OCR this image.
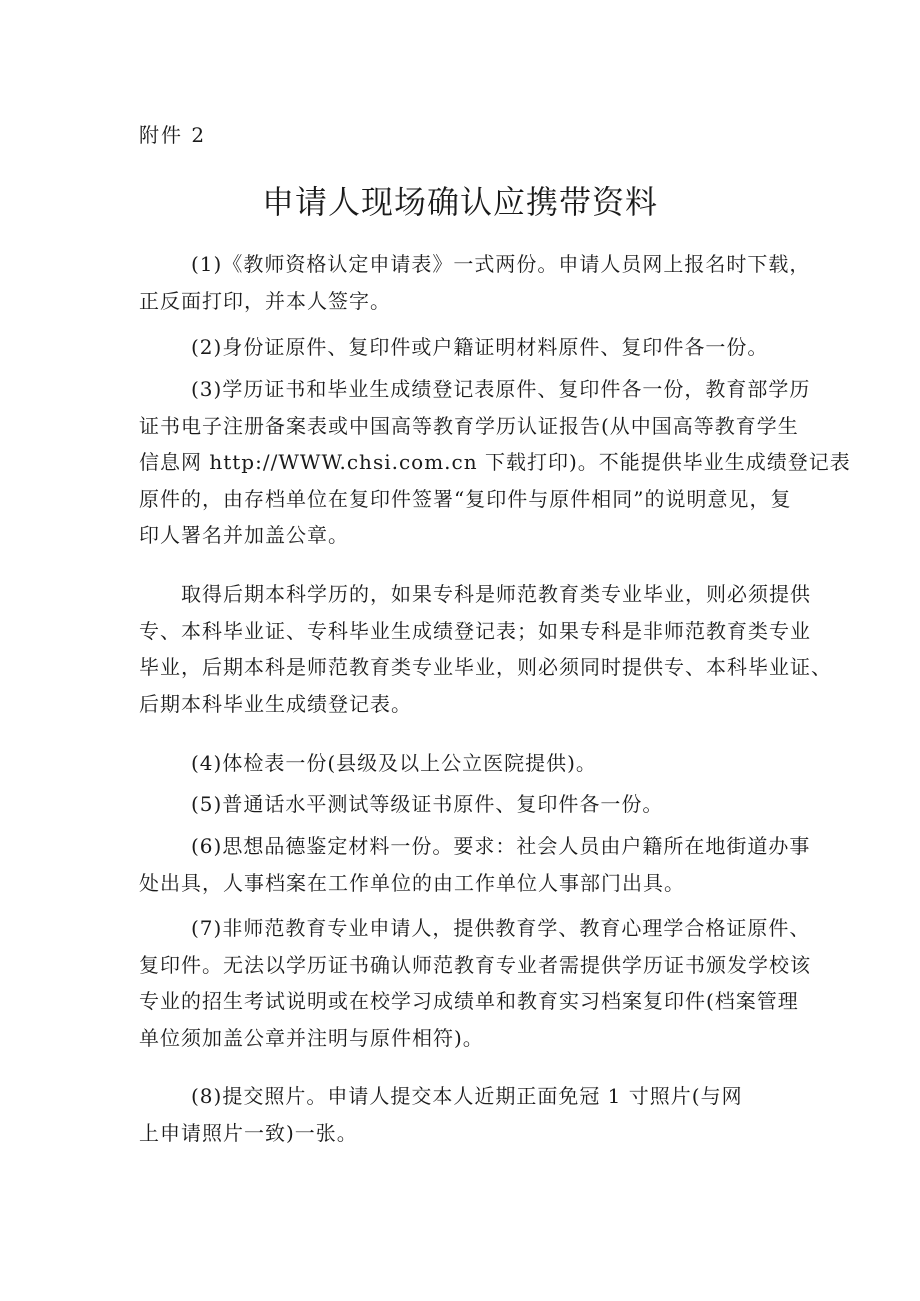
附件 2
申请人现场确认应携带资料
(1)《教师资格认定申请表》一式两份。申请人员网上报名时下载，
正反面打印，并本人签字。
(2)身份证原件、复印件或户籍证明材料原件、复印件各一份。
(3)学历证书和毕业生成绩登记表原件、复印件各一份，教育部学历
证书电子注册备案表或中国高等教育学历认证报告(从中国高等教育学生
信息网 http://WWW.chsi.com.cn 下载打印)。不能提供毕业生成绩登记表
原件的，由存档单位在复印件签署“复印件与原件相同”的说明意见，复
印人署名并加盖公章。
取得后期本科学历的，如果专科是师范教育类专业毕业，则必须提供
专、本科毕业证、专科毕业生成绩登记表；如果专科是非师范教育类专业
毕业，后期本科是师范教育类专业毕业，则必须同时提供专、本科毕业证、
后期本科毕业生成绩登记表。
(4)体检表一份(县级及以上公立医院提供)。
(5)普通话水平测试等级证书原件、复印件各一份。
(6)思想品德鉴定材料一份。要求：社会人员由户籍所在地街道办事
处出具，人事档案在工作单位的由工作单位人事部门出具。
(7)非师范教育专业申请人，提供教育学、教育心理学合格证原件、
复印件。无法以学历证书确认师范教育专业者需提供学历证书颁发学校该
专业的招生考试说明或在校学习成绩单和教育实习档案复印件(档案管理
单位须加盖公章并注明与原件相符)。
(8)提交照片。申请人提交本人近期正面免冠 1 寸照片(与网
上申请照片一致)一张。
